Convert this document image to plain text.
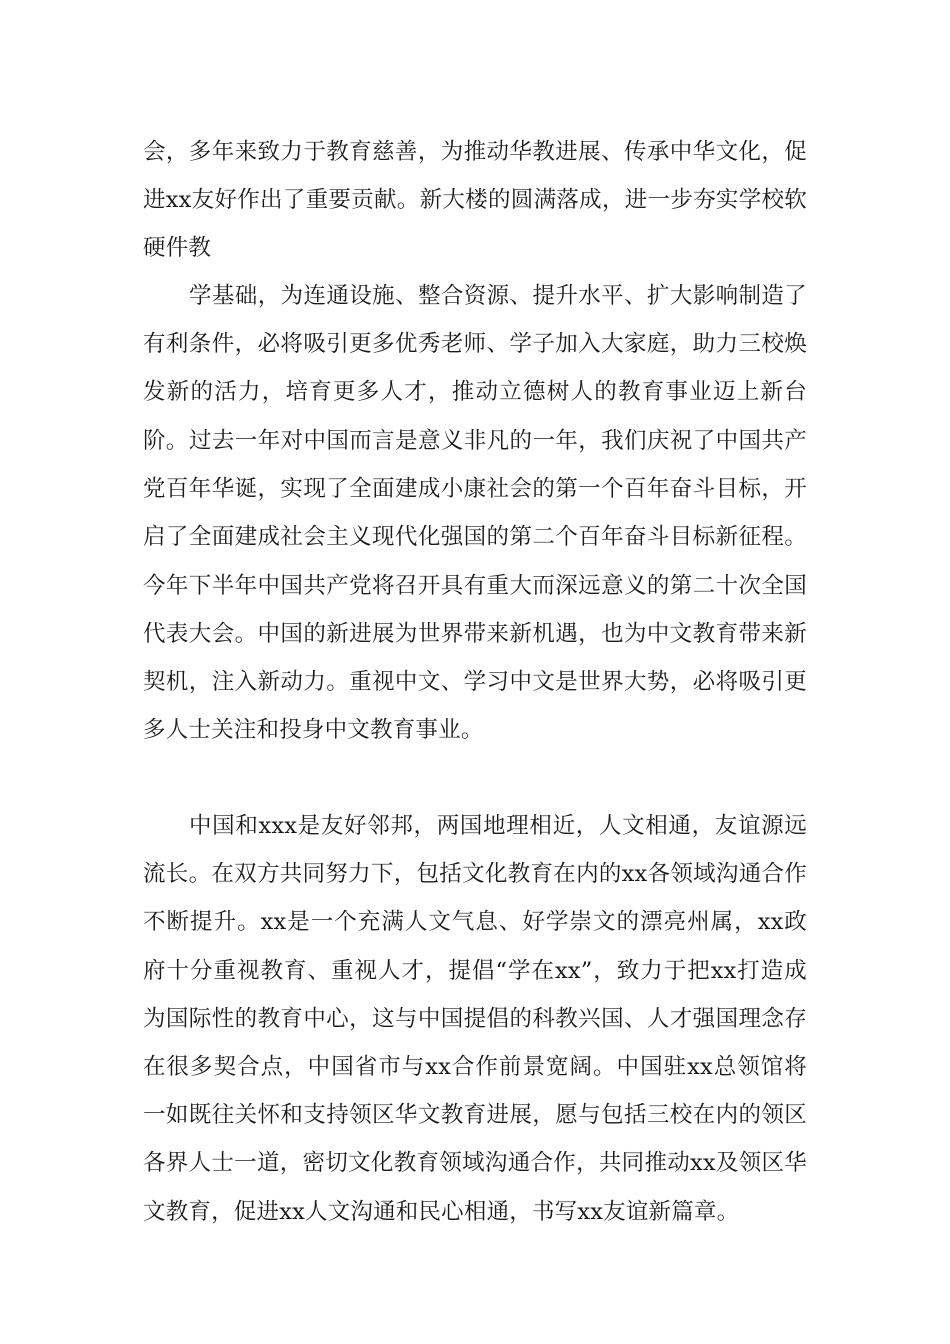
会，多年来致力于教育慈善，为推动华教进展、传承中华文化，促进xx友好作出了重要贡献。新大楼的圆满落成，进一步夯实学校软硬件教

学基础，为连通设施、整合资源、提升水平、扩大影响制造了有利条件，必将吸引更多优秀老师、学子加入大家庭，助力三校焕发新的活力，培育更多人才，推动立德树人的教育事业迈上新台阶。 过去一年对中国而言是意义非凡的一年，我们庆祝了中国共产党百年华诞，实现了全面建成小康社会的第一个百年奋斗目标，开启了全面建成社会主义现代化强国的第二个百年奋斗目标新征程。今年下半年中国共产党将召开具有重大而深远意义的第二十次全国代表大会。中国的新进展为世界带来新机遇，也为中文教育带来新契机，注入新动力。重视中文、学习中文是世界大势，必将吸引更多人士关注和投身中文教育事业。

中国和xxx是友好邻邦，两国地理相近，人文相通，友谊源远流长。在双方共同努力下，包括文化教育在内的xx各领域沟通合作不断提升。xx是一个充满人文气息、好学崇文的漂亮州属，xx政府十分重视教育、重视人才，提倡“学在xx”，致力于把xx打造成为国际性的教育中心，这与中国提倡的科教兴国、人才强国理念存在很多契合点，中国省市与xx合作前景宽阔。中国驻xx总领馆将一如既往关怀和支持领区华文教育进展，愿与包括三校在内的领区各界人士一道，密切文化教育领域沟通合作，共同推动xx及领区华文教育，促进xx人文沟通和民心相通，书写xx友谊新篇章。
